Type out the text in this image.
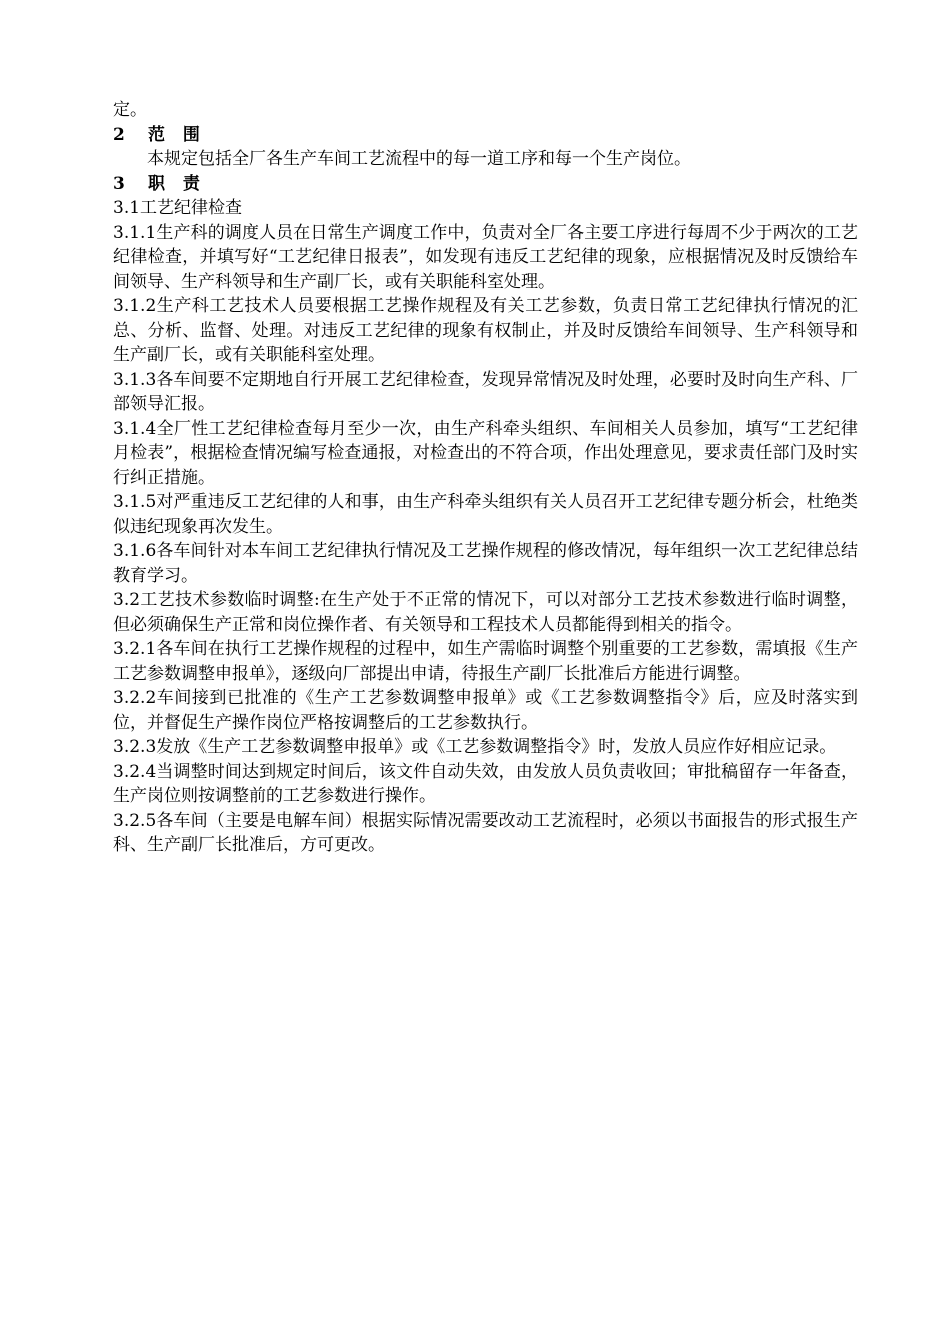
定。

2 范 围

本规定包括全厂各生产车间工艺流程中的每一道工序和每一个生产岗位。

3 职 责

3.1工艺纪律检查

3.1.1生产科的调度人员在日常生产调度工作中，负责对全厂各主要工序进行每周不少于两次的工艺纪律检查，并填写好“工艺纪律日报表”，如发现有违反工艺纪律的现象，应根据情况及时反馈给车间领导、生产科领导和生产副厂长，或有关职能科室处理。

3.1.2生产科工艺技术人员要根据工艺操作规程及有关工艺参数，负责日常工艺纪律执行情况的汇总、分析、监督、处理。对违反工艺纪律的现象有权制止，并及时反馈给车间领导、生产科领导和生产副厂长，或有关职能科室处理。

3.1.3各车间要不定期地自行开展工艺纪律检查，发现异常情况及时处理，必要时及时向生产科、厂部领导汇报。

3.1.4全厂性工艺纪律检查每月至少一次，由生产科牵头组织、车间相关人员参加，填写“工艺纪律月检表”，根据检查情况编写检查通报，对检查出的不符合项，作出处理意见，要求责任部门及时实行纠正措施。

3.1.5对严重违反工艺纪律的人和事，由生产科牵头组织有关人员召开工艺纪律专题分析会，杜绝类似违纪现象再次发生。

3.1.6各车间针对本车间工艺纪律执行情况及工艺操作规程的修改情况，每年组织一次工艺纪律总结教育学习。

3.2工艺技术参数临时调整:在生产处于不正常的情况下，可以对部分工艺技术参数进行临时调整，但必须确保生产正常和岗位操作者、有关领导和工程技术人员都能得到相关的指令。

3.2.1各车间在执行工艺操作规程的过程中，如生产需临时调整个别重要的工艺参数，需填报《生产工艺参数调整申报单》，逐级向厂部提出申请，待报生产副厂长批准后方能进行调整。

3.2.2车间接到已批准的《生产工艺参数调整申报单》或《工艺参数调整指令》后，应及时落实到位，并督促生产操作岗位严格按调整后的工艺参数执行。

3.2.3发放《生产工艺参数调整申报单》或《工艺参数调整指令》时，发放人员应作好相应记录。

3.2.4当调整时间达到规定时间后，该文件自动失效，由发放人员负责收回；审批稿留存一年备查，生产岗位则按调整前的工艺参数进行操作。

3.2.5各车间（主要是电解车间）根据实际情况需要改动工艺流程时，必须以书面报告的形式报生产科、生产副厂长批准后，方可更改。
